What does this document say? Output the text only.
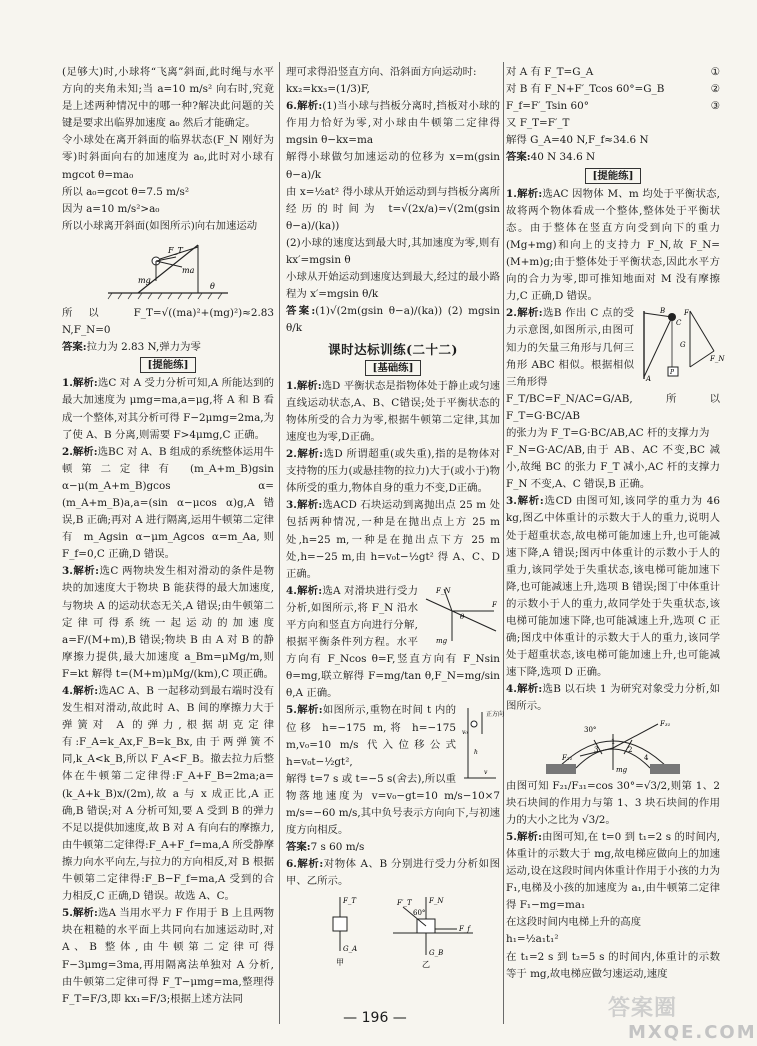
(足够大)时,小球将“飞离”斜面,此时绳与水平方向的夹角未知;当 a=10 m/s² 向右时,究竟是上述两种情况中的哪一种?解决此问题的关键是要求出临界加速度 a₀ 然后才能确定。

令小球处在离开斜面的临界状态(F_N 刚好为零)时斜面向右的加速度为 a₀,此时对小球有 mgcot θ=ma₀

所以 a₀=gcot θ=7.5 m/s²

因为 a=10 m/s²>a₀

所以小球离开斜面(如图所示)向右加速运动

F_T
ma
mg
θ

所以 F_T=√((ma)²+(mg)²)≈2.83 N,F_N=0

答案:拉力为 2.83 N,弹力为零

[提能练]

1.解析:选C 对 A 受力分析可知,A 所能达到的最大加速度为 μmg=ma,a=μg,将 A 和 B 看成一个整体,对其分析可得 F−2μmg=2ma,为了使 A、B 分离,则需要 F>4μmg,C 正确。

2.解析:选BC 对 A、B 组成的系统整体运用牛顿第二定律有 (m_A+m_B)gsin α−μ(m_A+m_B)gcos α=(m_A+m_B)a,a=(sin α−μcos α)g,A 错误,B 正确;再对 A 进行隔离,运用牛顿第二定律有 m_Agsin α−μm_Agcos α=m_Aa,则 F_f=0,C 正确,D 错误。

3.解析:选C 两物块发生相对滑动的条件是物块的加速度大于物块 B 能获得的最大加速度,与物块 A 的运动状态无关,A 错误;由牛顿第二定律可得系统一起运动的加速度 a=F/(M+m),B 错误;物块 B 由 A 对 B 的静摩擦力提供,最大加速度 a_Bm=μMg/m,则 F=kt 解得 t=(M+m)μMg/(km),C 项正确。

4.解析:选AC A、B 一起移动到最右端时没有发生相对滑动,故此时 A、B 间的摩擦力大于弹簧对 A 的弹力,根据胡克定律有:F_A=k_Ax,F_B=k_Bx,由于两弹簧不同,k_A<k_B,所以 F_A<F_B。撤去拉力后整体在牛顿第二定律得:F_A+F_B=2ma;a=(k_A+k_B)x/(2m),故 a 与 x 成正比,A 正确,B 错误;对 A 分析可知,要 A 受到 B 的弹力不足以提供加速度,故 B 对 A 有向右的摩擦力,由牛顿第二定律得:F_A+F_f=ma,A 所受静摩擦力向水平向左,与拉力的方向相反,对 B 根据牛顿第二定律得:F_B−F_f=ma,A 受到的合力相反,C 正确,D 错误。故选 A、C。

5.解析:选A 当用水平力 F 作用于 B 上且两物块在粗糙的水平面上共同向右加速运动时,对 A、B 整体,由牛顿第二定律可得 F−3μmg=3ma,再用隔离法单独对 A 分析,由牛顿第二定律可得 F_T−μmg=ma,整理得 F_T=F/3,即 kx₁=F/3;根据上述方法同

理可求得沿竖直方向、沿斜面方向运动时:

kx₂=kx₃=(1/3)F,

6.解析:(1)当小球与挡板分离时,挡板对小球的作用力恰好为零,对小球由牛顿第二定律得 mgsin θ−kx=ma

解得小球做匀加速运动的位移为 x=m(gsin θ−a)/k

由 x=½at² 得小球从开始运动到与挡板分离所经历的时间为 t=√(2x/a)=√(2m(gsin θ−a)/(ka))

(2)小球的速度达到最大时,其加速度为零,则有 kx′=mgsin θ

小球从开始运动到速度达到最大,经过的最小路程为 x′=mgsin θ/k

答案:(1)√(2m(gsin θ−a)/(ka)) (2) mgsin θ/k

课时达标训练(二十二)
[基础练]

1.解析:选D 平衡状态是指物体处于静止或匀速直线运动状态,A、B、C错误;处于平衡状态的物体所受的合力为零,根据牛顿第二定律,其加速度也为零,D正确。

2.解析:选D 所谓超重(或失重),指的是物体对支持物的压力(或悬挂物的拉力)大于(或小于)物体所受的重力,物体自身的重力不变,D正确。

3.解析:选ACD 石块运动到离抛出点 25 m 处包括两种情况,一种是在抛出点上方 25 m 处,h=25 m,一种是在抛出点下方 25 m 处,h=−25 m,由 h=v₀t−½gt² 得 A、C、D 正确。

F_N
F
θ
mg
4.解析:选A 对滑块进行受力分析,如图所示,将 F_N 沿水平方向和竖直方向进行分解,根据平衡条件列方程。水平方向有 F_Ncos θ=F,竖直方向有 F_Nsin θ=mg,联立解得 F=mg/tan θ,F_N=mg/sin θ,A 正确。

正方向
v₀
h
v
5.解析:如图所示,重物在时间 t 内的位移 h=−175 m,将 h=−175 m,v₀=10 m/s 代入位移公式 h=v₀t−½gt²,

解得 t=7 s 或 t=−5 s(舍去),所以重物落地速度为 v=v₀−gt=10 m/s−10×7 m/s=−60 m/s,其中负号表示方向向下,与初速度方向相反。

答案:7 s 60 m/s

6.解析:对物体 A、B 分别进行受力分析如图甲、乙所示。

F_T
G_A
甲
F′_T
60°
F_N
F_f
G_B
乙

对 A 有 F_T=G_A	①

对 B 有 F_N+F′_Tcos 60°=G_B	②

F_f=F′_Tsin 60°	③

又 F_T=F′_T

解得 G_A=40 N,F_f≈34.6 N

答案:40 N 34.6 N

[提能练]

1.解析:选AC 因物体 M、m 均处于平衡状态,故将两个物体看成一个整体,整体处于平衡状态。由于整体在竖直方向受到向下的重力(Mg+mg)和向上的支持力 F_N,故 F_N=(M+m)g;由于整体处于平衡状态,因此水平方向的合力为零,即可推知地面对 M 没有摩擦力,C 正确,D 错误。

B	F
F_N
G
A
C
P
2.解析:选B 作出 C 点的受力示意图,如图所示,由图可知力的矢量三角形与几何三角形 ABC 相似。根据相似三角形得

F_T/BC=F_N/AC=G/AB,所以 F_T=G·BC/AB

的张力为 F_T=G·BC/AB,AC 杆的支撑力为

F_N=G·AC/AB,由于 AB、AC 不变,BC 减小,故绳 BC 的张力 F_T 减小,AC 杆的支撑力 F_N 不变,A、C 错误,B 正确。

3.解析:选CD 由图可知,该同学的重力为 46 kg,图乙中体重计的示数大于人的重力,说明人处于超重状态,故电梯可能加速上升,也可能减速下降,A 错误;图丙中体重计的示数小于人的重力,该同学处于失重状态,该电梯可能加速下降,也可能减速上升,选项 B 错误;图丁中体重计的示数小于人的重力,故同学处于失重状态,该电梯可能加速下降,也可能减速上升,选项 C 正确;图戊中体重计的示数大于人的重力,该同学处于超重状态,该电梯可能加速上升,也可能减速下降,选项 D 正确。

4.解析:选B 以石块 1 为研究对象受力分析,如图所示。

30°
F₃₁
F₂₁
mg
1
3	2
4

由图可知 F₂₁/F₃₁=cos 30°=√3/2,则第 1、2 块石块间的作用力与第 1、3 块石块间的作用力的大小之比为 √3/2。

5.解析:由图可知,在 t=0 到 t₁=2 s 的时间内,体重计的示数大于 mg,故电梯应做向上的加速运动,设在这段时间内体重计作用于小孩的力为 F₁,电梯及小孩的加速度为 a₁,由牛顿第二定律得 F₁−mg=ma₁

在这段时间内电梯上升的高度

h₁=½a₁t₁²

在 t₁=2 s 到 t₂=5 s 的时间内,体重计的示数等于 mg,故电梯应做匀速运动,速度

— 196 —	答案圈
MXQE.COM
